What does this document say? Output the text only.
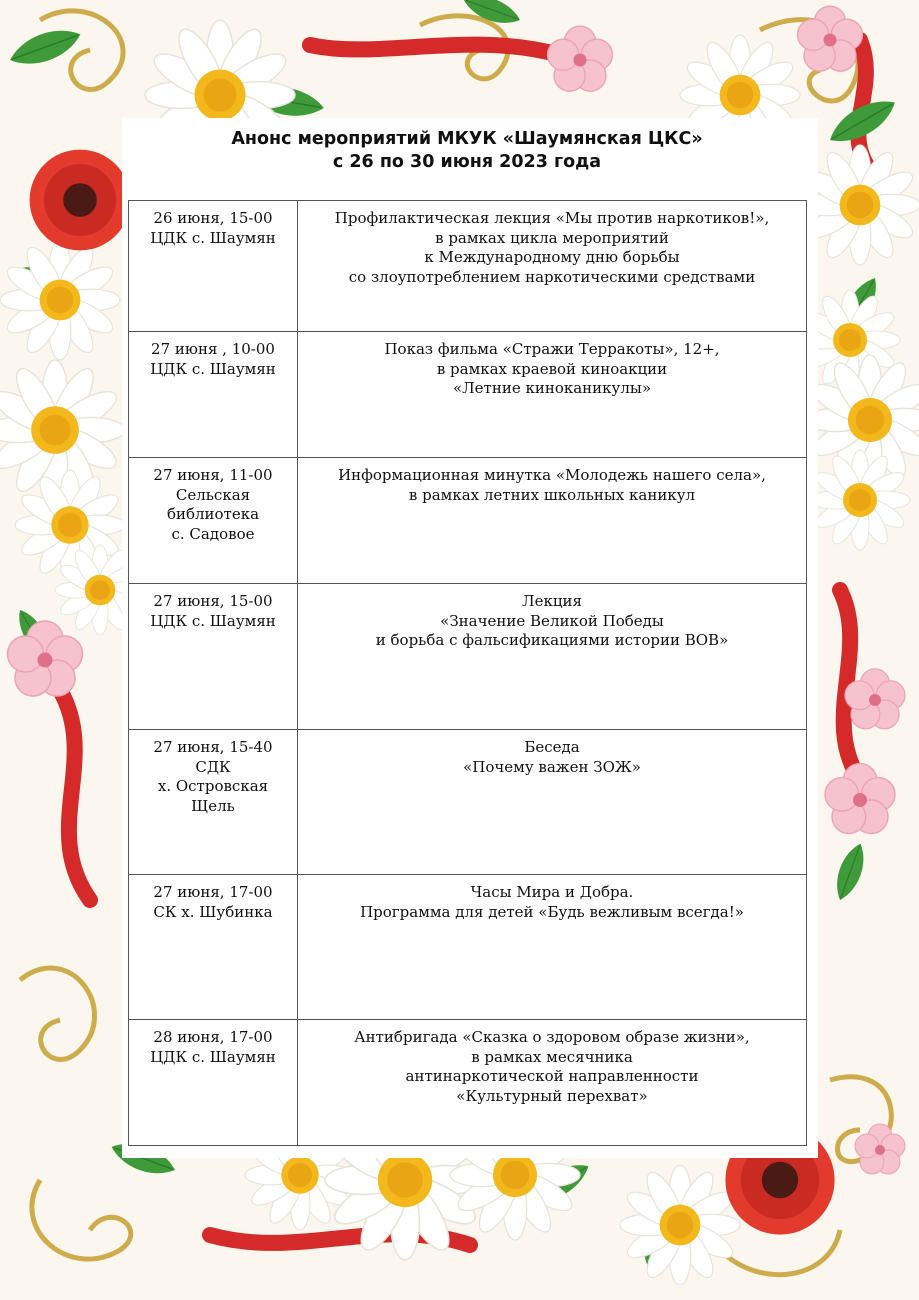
Анонс мероприятий МКУК «Шаумянская ЦКС»
с 26 по 30 июня 2023 года
26 июня, 15-00
ЦДК с. Шаумян	Профилактическая лекция «Мы против наркотиков!»,
в рамках цикла мероприятий
к Международному дню борьбы
со злоупотреблением наркотическими средствами

27 июня , 10-00
ЦДК с. Шаумян	Показ фильма «Стражи Терракоты», 12+,
в рамках краевой киноакции
«Летние киноканикулы»

27 июня, 11-00
Сельская
библиотека
с. Садовое	Информационная минутка «Молодежь нашего села»,
в рамках летних школьных каникул

27 июня, 15-00
ЦДК с. Шаумян	Лекция
«Значение Великой Победы
и борьба с фальсификациями истории ВОВ»

27 июня, 15-40
СДК
х. Островская
Щель	Беседа
«Почему важен ЗОЖ»

27 июня, 17-00
СК х. Шубинка	Часы Мира и Добра.
Программа для детей «Будь вежливым всегда!»

28 июня, 17-00
ЦДК с. Шаумян	Антибригада «Сказка о здоровом образе жизни»,
в рамках месячника
антинаркотической направленности
«Культурный перехват»
